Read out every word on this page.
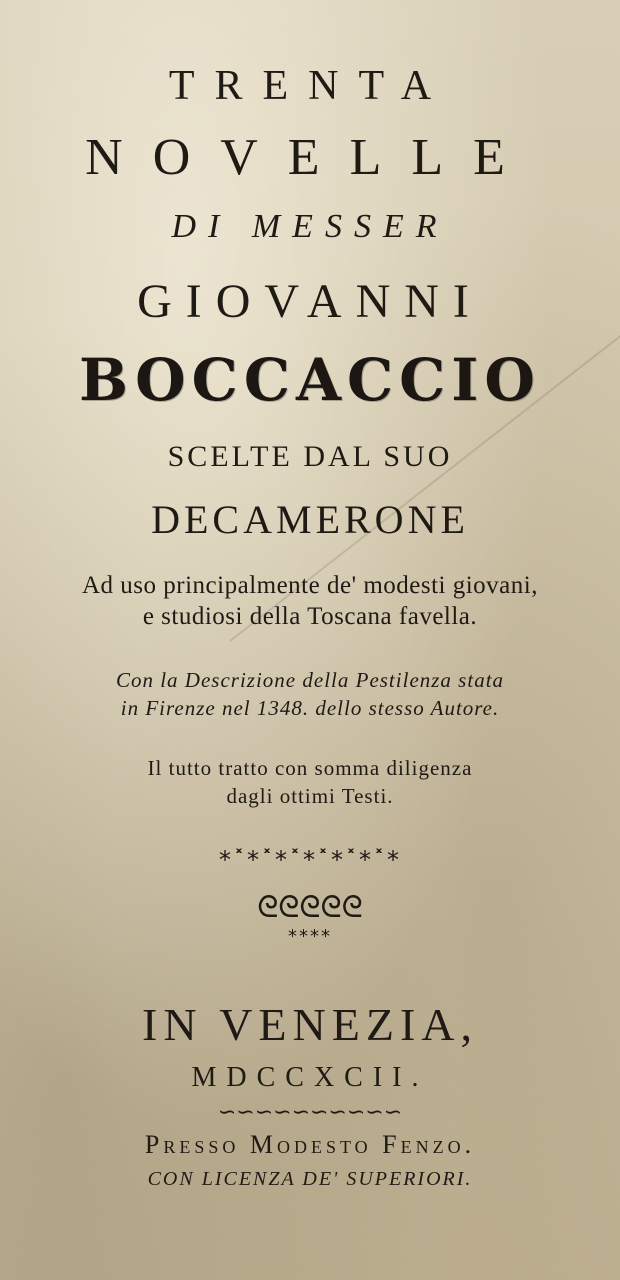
TRENTA
NOVELLE
DI MESSER
GIOVANNI
BOCCACCIO
SCELTE DAL SUO
DECAMERONE
Ad uso principalmente de' modesti giovani,
e studiosi della Toscana favella.
Con la Descrizione della Pestilenza stata
in Firenze nel 1348. dello stesso Autore.
Il tutto tratto con somma diligenza
dagli ottimi Testi.
*˟*˟*˟*˟*˟*˟*
ᘓᘓᘓᘓᘓ
****
IN VENEZIA,
MDCCXCII.
∽∽∽∽∽∽∽∽∽∽
Presso Modesto Fenzo.
CON LICENZA DE' SUPERIORI.
